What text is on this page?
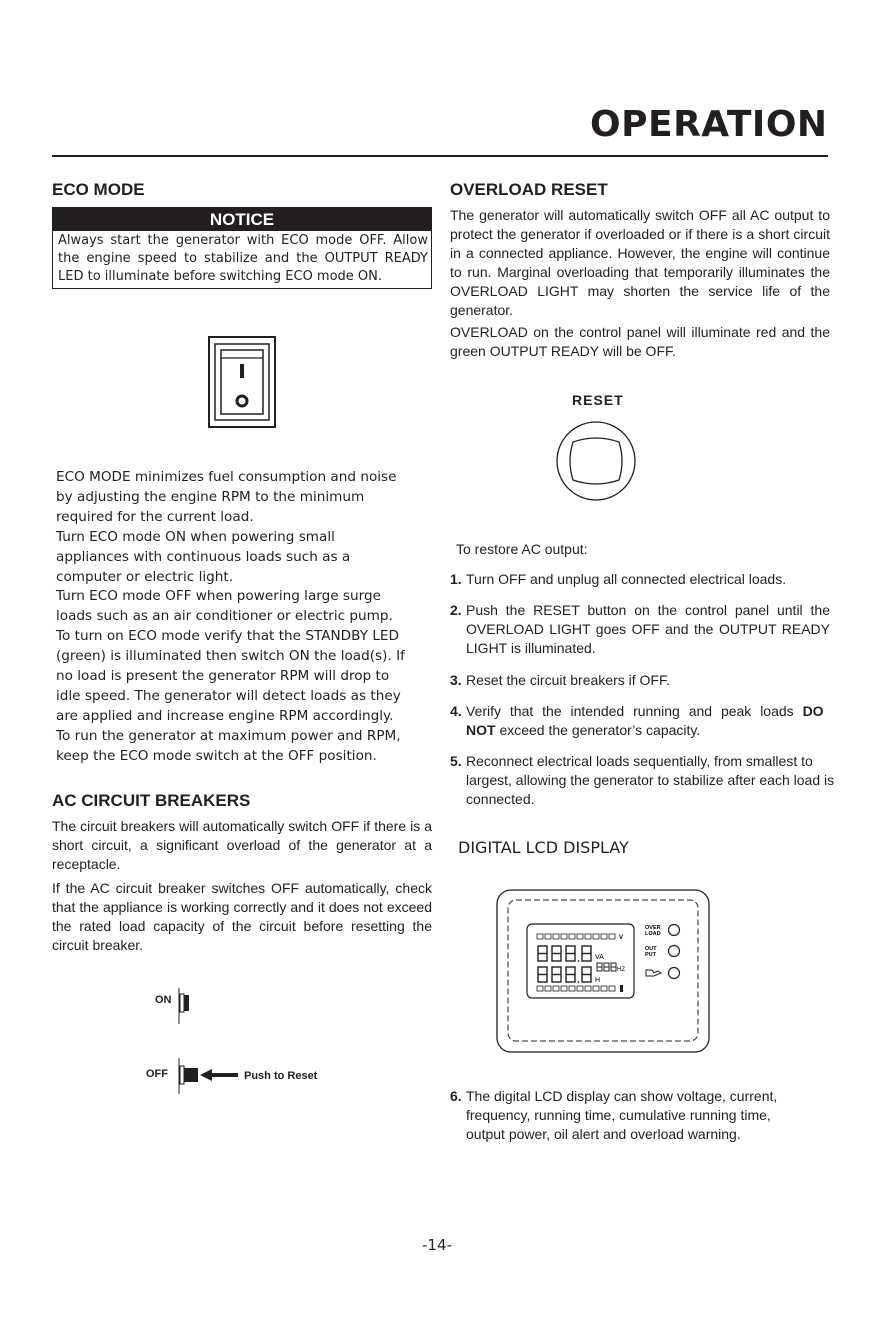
OPERATION
ECO MODE
NOTICE
Always start the generator with ECO mode OFF. Allow the engine speed to stabilize and the OUTPUT READY LED to illuminate before switching ECO mode ON.
ECO MODE minimizes fuel consumption and noise
by adjusting the engine RPM to the minimum
required for the current load.
Turn ECO mode ON when powering small
appliances with continuous loads such as a
computer or electric light.
Turn ECO mode OFF when powering large surge
loads such as an air conditioner or electric pump.
To turn on ECO mode verify that the STANDBY LED
(green) is illuminated then switch ON the load(s). If
no load is present the generator RPM will drop to
idle speed. The generator will detect loads as they
are applied and increase engine RPM accordingly.
To run the generator at maximum power and RPM,
keep the ECO mode switch at the OFF position.
AC CIRCUIT BREAKERS
The circuit breakers will automatically switch OFF if there is a short circuit, a significant overload of the generator at a receptacle.
If the AC circuit breaker switches OFF automatically, check that the appliance is working correctly and it does not exceed the rated load capacity of the circuit before resetting the circuit breaker.
ON
OFF	Push to Reset
OVERLOAD RESET
The generator will automatically switch OFF all AC output to protect the generator if overloaded or if there is a short circuit in a connected appliance. However, the engine will continue to run. Marginal overloading that temporarily illuminates the OVERLOAD LIGHT may shorten the service life of the generator.
OVERLOAD on the control panel will illuminate red and the green OUTPUT READY will be OFF.
RESET
To restore AC output:
1. Turn OFF and unplug all connected electrical loads.
2. Push the RESET button on the control panel until the OVERLOAD LIGHT goes OFF and the OUTPUT READY LIGHT is illuminated.
3. Reset the circuit breakers if OFF.
4. Verify that the intended running and peak loads DO
NOT exceed the generator’s capacity.
5. Reconnect electrical loads sequentially, from smallest to largest, allowing the generator to stabilize after each load is connected.
DIGITAL LCD DISPLAY
V
VA
HZ
H
OVER
LOAD
OUT
PUT
6. The digital LCD display can show voltage, current, frequency, running time, cumulative running time, output power, oil alert and overload warning.
-14-
